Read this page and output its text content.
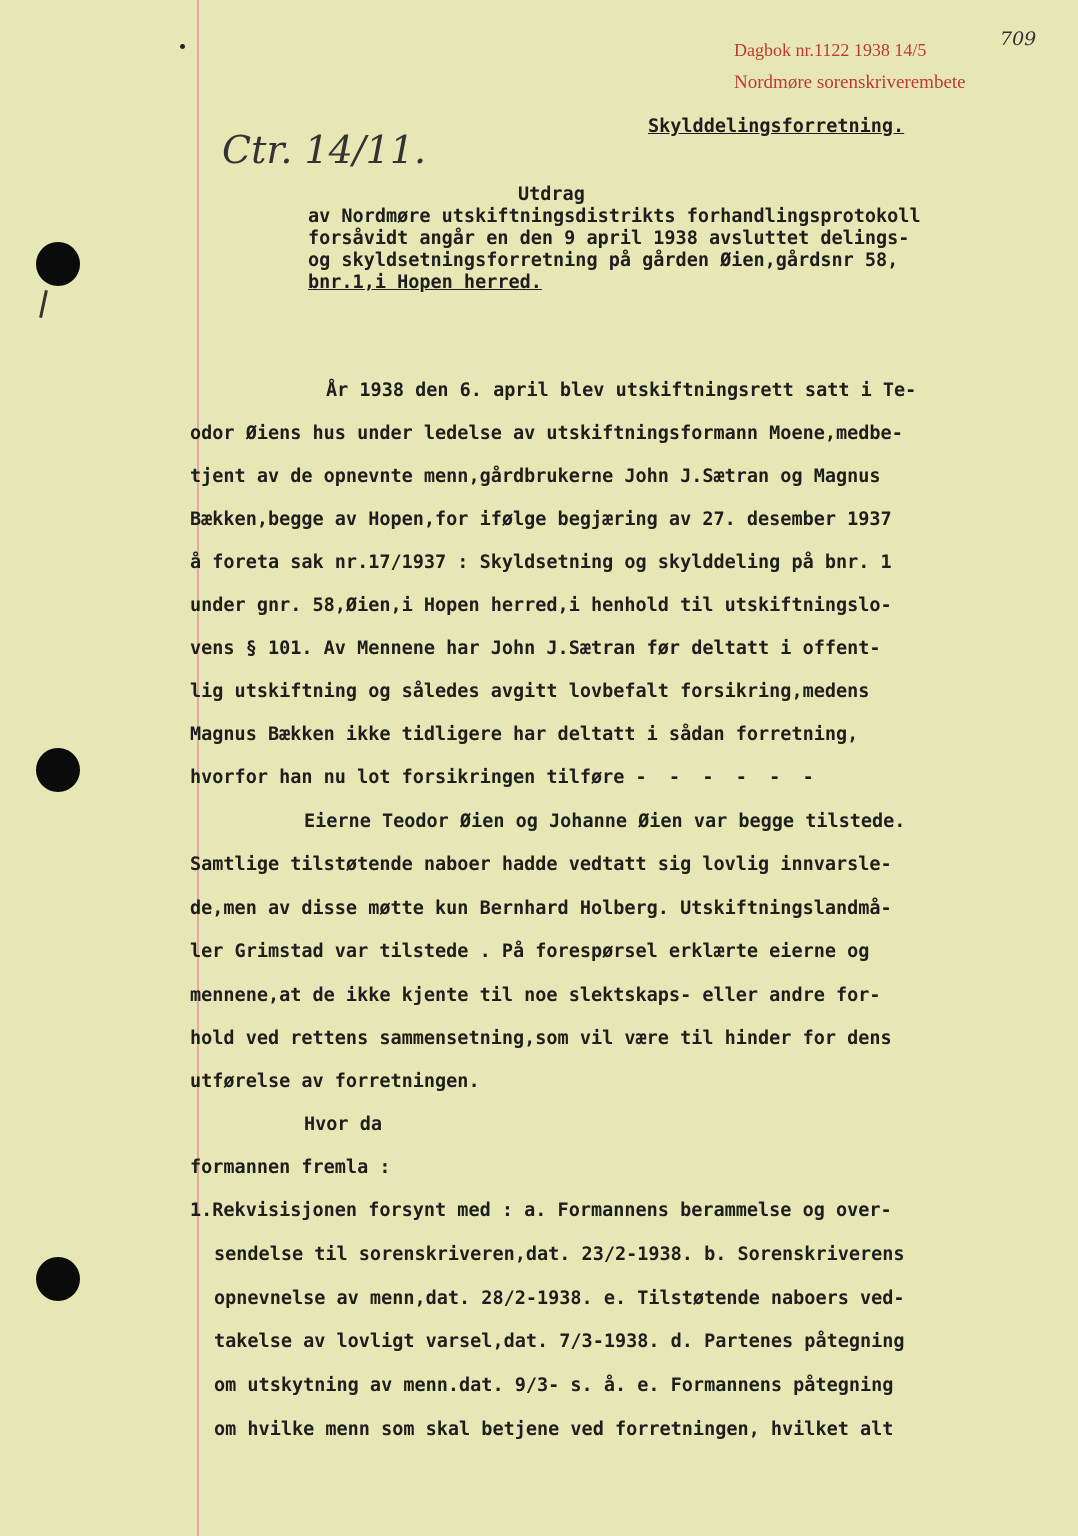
Dagbok nr.1122 1938 14/5
Nordmøre sorenskriverembete
709
Ctr. 14/11.
Skylddelingsforretning.
Utdrag
av Nordmøre utskiftningsdistrikts forhandlingsprotokoll
forsåvidt angår en den 9 april 1938 avsluttet delings-
og skyldsetningsforretning på gården Øien,gårdsnr 58,
bnr.1,i Hopen herred.
År 1938 den 6. april blev utskiftningsrett satt i Te-
odor Øiens hus under ledelse av utskiftningsformann Moene,medbe-
tjent av de opnevnte menn,gårdbrukerne John J.Sætran og Magnus
Bækken,begge av Hopen,for ifølge begjæring av 27. desember 1937
å foreta sak nr.17/1937 : Skyldsetning og skylddeling på bnr. 1
under gnr. 58,Øien,i Hopen herred,i henhold til utskiftningslo-
vens § 101. Av Mennene har John J.Sætran før deltatt i offent-
lig utskiftning og således avgitt lovbefalt forsikring,medens
Magnus Bækken ikke tidligere har deltatt i sådan forretning,
hvorfor han nu lot forsikringen tilføre -  -  -  -  -  -
Eierne Teodor Øien og Johanne Øien var begge tilstede.
Samtlige tilstøtende naboer hadde vedtatt sig lovlig innvarsle-
de,men av disse møtte kun Bernhard Holberg. Utskiftningslandmå-
ler Grimstad var tilstede . På forespørsel erklærte eierne og
mennene,at de ikke kjente til noe slektskaps- eller andre for-
hold ved rettens sammensetning,som vil være til hinder for dens
utførelse av forretningen.
Hvor da
formannen fremla :
1.Rekvisisjonen forsynt med : a. Formannens berammelse og over-
sendelse til sorenskriveren,dat. 23/2-1938. b. Sorenskriverens
opnevnelse av menn,dat. 28/2-1938. e. Tilstøtende naboers ved-
takelse av lovligt varsel,dat. 7/3-1938. d. Partenes påtegning
om utskytning av menn.dat. 9/3- s. å. e. Formannens påtegning
om hvilke menn som skal betjene ved forretningen, hvilket alt
